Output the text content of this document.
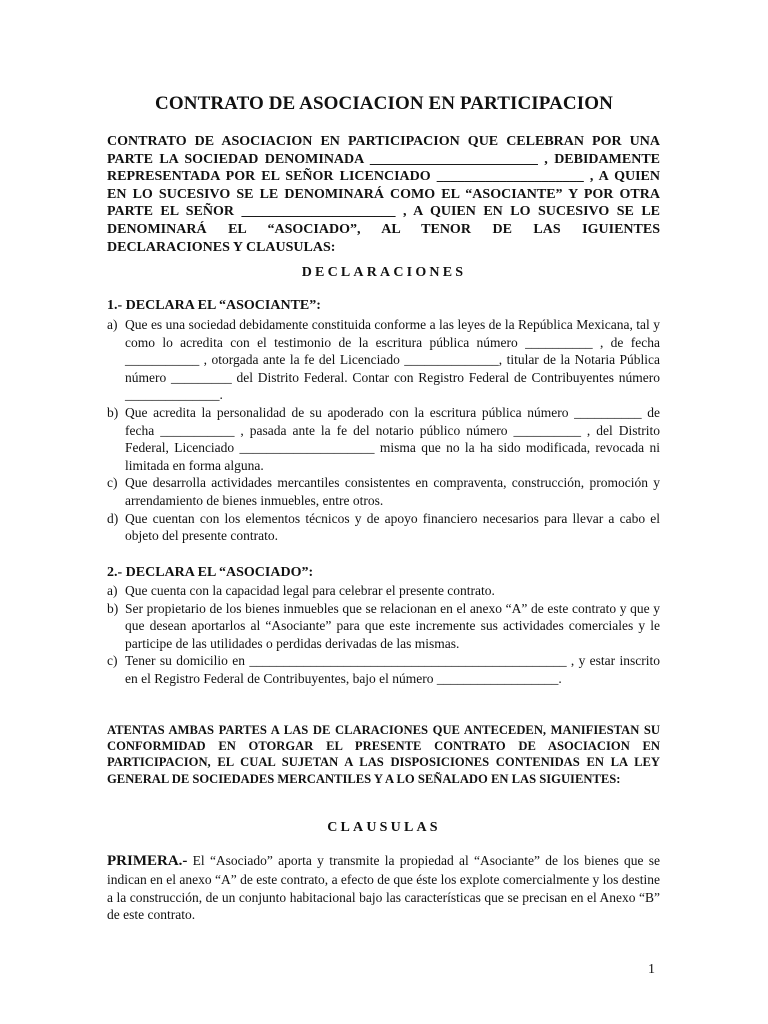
CONTRATO DE ASOCIACION EN PARTICIPACION
CONTRATO DE ASOCIACION EN PARTICIPACION QUE CELEBRAN POR UNA PARTE LA SOCIEDAD DENOMINADA ________________________ , DEBIDAMENTE REPRESENTADA POR EL SEÑOR LICENCIADO _____________________ , A QUIEN EN LO SUCESIVO SE LE DENOMINARÁ COMO EL “ASOCIANTE” Y POR OTRA PARTE EL SEÑOR ______________________ , A QUIEN EN LO SUCESIVO SE LE DENOMINARÁ EL “ASOCIADO”, AL TENOR DE LAS IGUIENTES DECLARACIONES Y CLAUSULAS:
DECLARACIONES
1.- DECLARA EL “ASOCIANTE”:
a) Que es una sociedad debidamente constituida conforme a las leyes de la República Mexicana, tal y como lo acredita con el testimonio de la escritura pública número __________ , de fecha ___________ , otorgada ante la fe del Licenciado ______________, titular de la Notaria Pública número _________ del Distrito Federal. Contar con Registro Federal de Contribuyentes número ______________.
b) Que acredita la personalidad de su apoderado con la escritura pública número __________ de fecha ___________ , pasada ante la fe del notario público número __________ , del Distrito Federal, Licenciado ____________________ misma que no la ha sido modificada, revocada ni limitada en forma alguna.
c) Que desarrolla actividades mercantiles consistentes en compraventa, construcción, promoción y arrendamiento de bienes inmuebles, entre otros.
d) Que cuentan con los elementos técnicos y de apoyo financiero necesarios para llevar a cabo el objeto del presente contrato.
2.- DECLARA EL “ASOCIADO”:
a) Que cuenta con la capacidad legal para celebrar el presente contrato.
b) Ser propietario de los bienes inmuebles que se relacionan en el anexo “A” de este contrato y que y que desean aportarlos al “Asociante” para que este incremente sus actividades comerciales y le participe de las utilidades o perdidas derivadas de las mismas.
c) Tener su domicilio en _______________________________________________ , y estar inscrito en el Registro Federal de Contribuyentes, bajo el número __________________.
ATENTAS AMBAS PARTES A LAS DE CLARACIONES QUE ANTECEDEN, MANIFIESTAN SU CONFORMIDAD EN OTORGAR EL PRESENTE CONTRATO DE ASOCIACION EN PARTICIPACION, EL CUAL SUJETAN A LAS DISPOSICIONES CONTENIDAS EN LA LEY GENERAL DE SOCIEDADES MERCANTILES Y A LO SEÑALADO EN LAS SIGUIENTES:
CLAUSULAS
PRIMERA.- El “Asociado” aporta y transmite la propiedad al “Asociante” de los bienes que se indican en el anexo “A” de este contrato, a efecto de que éste los explote comercialmente y los destine a la construcción, de un conjunto habitacional bajo las características que se precisan en el Anexo “B” de este contrato.
1
